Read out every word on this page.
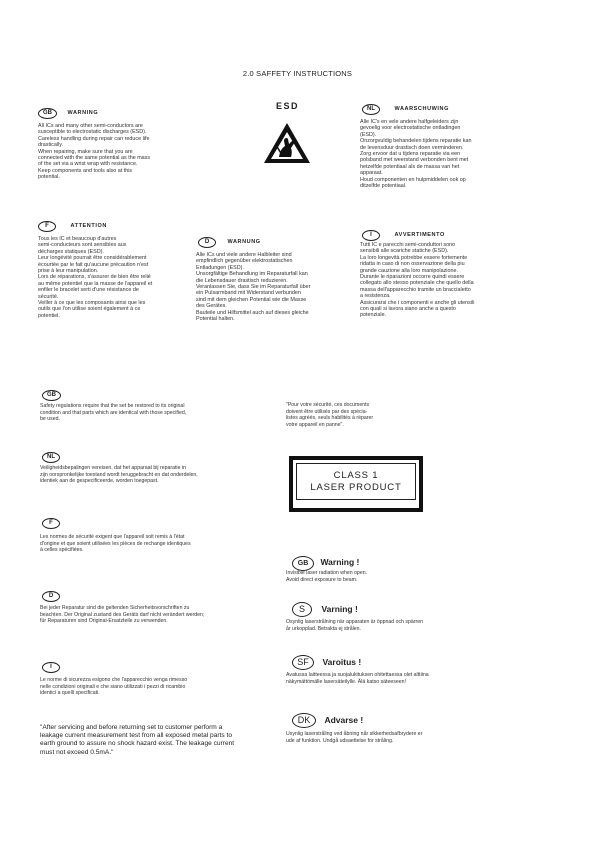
2.0 SAFFETY INSTRUCTIONS
GB	WARNING
All ICs and many other semi-conductors are
susceptible to electrostatic discharges (ESD).
Careless handling during repair can reduce life
drastically.
When repairing, make sure that you are
connected with the same potential as the mass
of the set via a wrist wrap with resistance.
Keep components and tools also at this
potential.
ESD	NL	WAARSCHUWING
Alle IC's en vele andere halfgeleiders zijn
gevoelig voor electrostatische ontladingen
(ESD).
Onzorgvuldig behandelen tijdens reparatie kan
de levensduur drastisch doen verminderen.
Zorg ervoor dat u tijdens reparatie via een
polsband met weerstand verbonden bent met
hetzelfde potentiaal als de massa van het
apparaat.
Houd componenten en hulpmiddelen ook op
ditzelfde potentiaal.
F	ATTENTION
Tous les IC et beaucoup d'autres
semi-conducteurs sont sensibles aux
décharges statiques (ESD).
Leur longévité pourrait être considérablement
écourtée par le fait qu'aucune précaution n'est
prise à leur manipulation.
Lors de réparations, s'assurer de bien être relié
au même potentiel que la masse de l'appareil et
enfiler le bracelet serti d'une résistance de
sécurité.
Veiller à ce que les composants ainsi que les
outils que l'on utilise soient également à ce
potentiel.
D	WARNUNG
Alle ICs und viele andere Halbleiter sind
empfindlich gegenüber elektrostatischen
Entladungen (ESD).
Unsorgfältige Behandlung im Reparaturfall kan
die Lebensdauer drastisch reduzieren.
Veranlassen Sie, dass Sie im Reparaturfall über
ein Pulsarmband mit Widerstand verbunden
sind mit dem gleichen Potential wie die Masse
des Gerätes.
Bauteile und Hilfsmittel auch auf dieses gleiche
Potential halten.
I	AVVERTIMENTO
Tutti IC e parecchi semi-conduttori sono
sensibili alle scariche statiche (ESD).
La loro longevità potrebbe essere fortemente
ridatta in caso di non osservazione della piu
grande cauzione alla loro manipolazione.
Durante le riparazioni occorre quindi essere
collegato allo stesso potenziale che quello della
massa dell'apparecchio tramite un braccialetto
a resistenza.
Assicurarsi che i componenti e anche gli utensili
con quali si lavora siano anche a questo
potenziale.
GB
Safety regulations require that the set be restored to its original
condition and that parts which are identical with those specified,
be used.
"Pour votre sécurité, ces documents
doivent être utilisés par des spécia-
listes agréés, seuls habilités à réparer
votre appareil en panne".
NL
Veiligheidsbepalingen vereisen, dat het apparaat bij reparatie in
zijn oorspronkelijke toestand wordt teruggebracht en dat onderdelen,
identiek aan de gespecificeerde, worden toegepast.
CLASS 1
LASER PRODUCT
F
Les normes de sécurité exigent que l'appareil soit remis à l'état
d'origine et que soient utilisées les pièces de rechange identiques
à celles spécifiées.
GB Warning !
Invisible laser radiation when open.
Avoid direct exposure to beam.
D
Bei jeder Reparatur sind die geltenden Sicherheitsvorschriften zu
beachten. Der Original zustand des Geräts darf nicht verändert werden;
für Reparaturen sind Original-Ersatzteile zu verwenden.
S Varning !
Osynlig laserstrålning när apparaten är öppnad och spärren
år urkopplad. Betrakta ej strålen.
I
Le norme di sicurezza esigono che l'apparecchio venga rimesso
nelle condizioni originali e che siano utilizzati i pezzi di ricambio
identici a quelli specificati.
SF Varoitus !
Avatussa laitteessa ja suojalukituksen ohitettaessa olet alttiina
näkymättömälle lasersäteilylle. Älä katso säteeseen!
DK Advarse !
Usynlig laserstråling ved åbning når sikkerhedsafbrydere er
ude af funktion. Undgå udsaettelse for stråling.
"After servicing and before returning set to customer perform a
leakage current measurement test from all exposed metal parts to
earth ground to assure no shock hazard exist. The leakage current
must not exceed 0.5mA."
